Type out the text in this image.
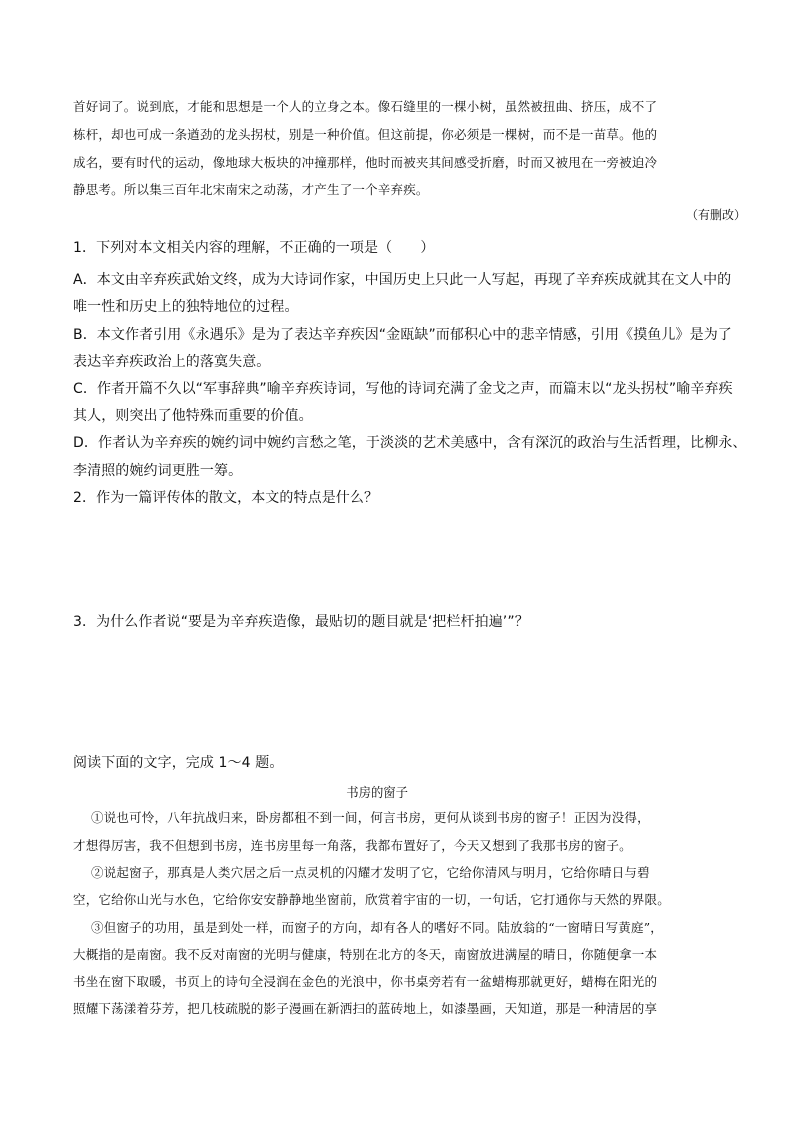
首好词了。说到底，才能和思想是一个人的立身之本。像石缝里的一棵小树，虽然被扭曲、挤压，成不了
栋杆，却也可成一条遒劲的龙头拐杖，别是一种价值。但这前提，你必须是一棵树，而不是一苗草。他的
成名，要有时代的运动，像地球大板块的冲撞那样，他时而被夹其间感受折磨，时而又被甩在一旁被迫冷
静思考。所以集三百年北宋南宋之动荡，才产生了一个辛弃疾。
（有删改）
1．下列对本文相关内容的理解，不正确的一项是（　　）
A．本文由辛弃疾武始文终，成为大诗词作家，中国历史上只此一人写起，再现了辛弃疾成就其在文人中的
唯一性和历史上的独特地位的过程。
B．本文作者引用《永遇乐》是为了表达辛弃疾因“金瓯缺”而郁积心中的悲辛情感，引用《摸鱼儿》是为了
表达辛弃疾政治上的落寞失意。
C．作者开篇不久以“军事辞典”喻辛弃疾诗词，写他的诗词充满了金戈之声，而篇末以“龙头拐杖”喻辛弃疾
其人，则突出了他特殊而重要的价值。
D．作者认为辛弃疾的婉约词中婉约言愁之笔，于淡淡的艺术美感中，含有深沉的政治与生活哲理，比柳永、
李清照的婉约词更胜一筹。
2．作为一篇评传体的散文，本文的特点是什么？
3．为什么作者说“要是为辛弃疾造像，最贴切的题目就是‘把栏杆拍遍’”？
阅读下面的文字，完成 1～4 题。
书房的窗子
①说也可怜，八年抗战归来，卧房都租不到一间，何言书房，更何从谈到书房的窗子！正因为没得，
才想得厉害，我不但想到书房，连书房里每一角落，我都布置好了，今天又想到了我那书房的窗子。
②说起窗子，那真是人类穴居之后一点灵机的闪耀才发明了它，它给你清风与明月，它给你晴日与碧
空，它给你山光与水色，它给你安安静静地坐窗前，欣赏着宇宙的一切，一句话，它打通你与天然的界限。
③但窗子的功用，虽是到处一样，而窗子的方向，却有各人的嗜好不同。陆放翁的“一窗晴日写黄庭”，
大概指的是南窗。我不反对南窗的光明与健康，特别在北方的冬天，南窗放进满屋的晴日，你随便拿一本
书坐在窗下取暖，书页上的诗句全浸润在金色的光浪中，你书桌旁若有一盆蜡梅那就更好，蜡梅在阳光的
照耀下荡漾着芬芳，把几枝疏脱的影子漫画在新洒扫的蓝砖地上，如漆墨画，天知道，那是一种清居的享
